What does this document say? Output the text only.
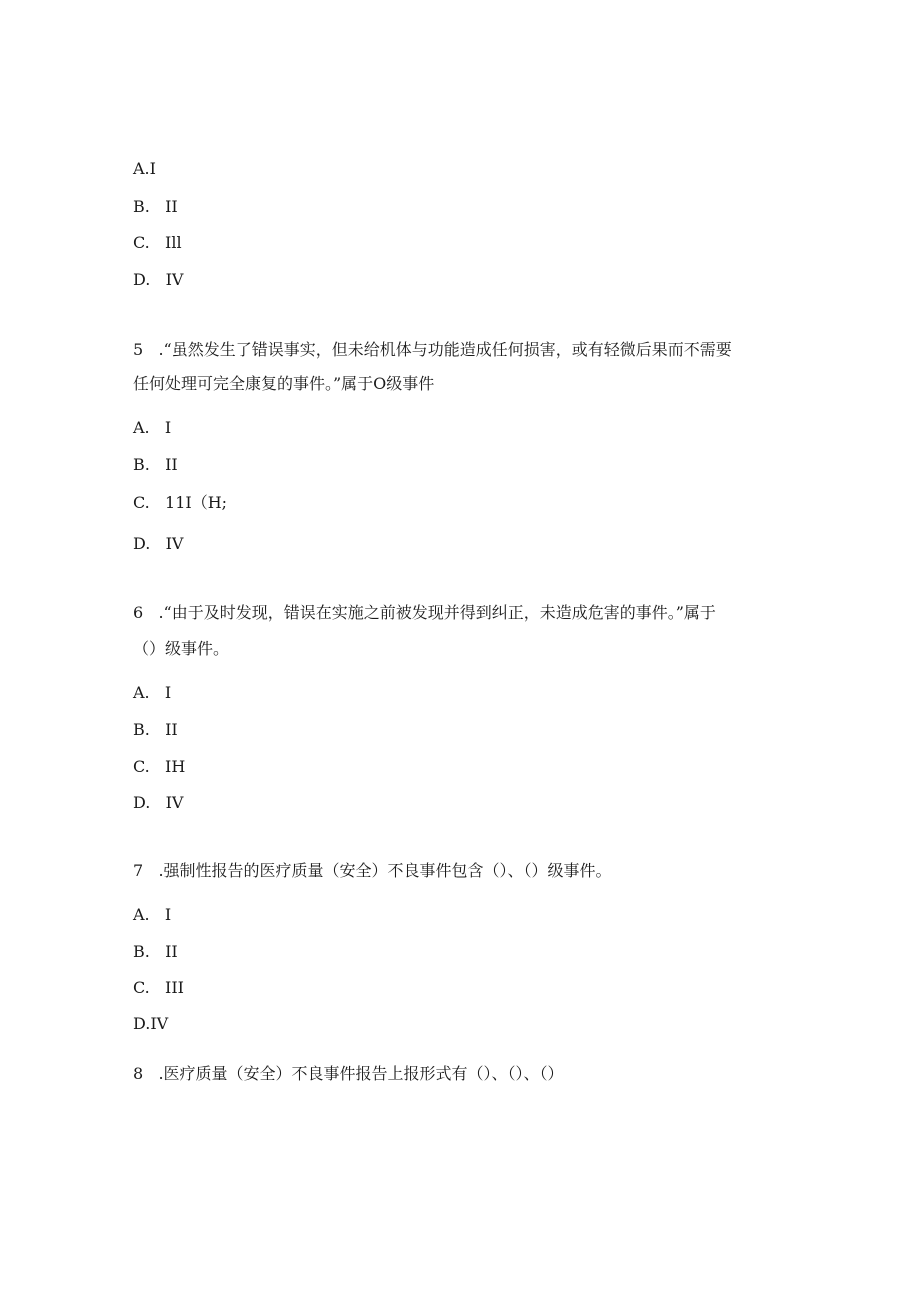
A.I
B.   II
C.   Ill
D.   IV
5   .“虽然发生了错误事实，但未给机体与功能造成任何损害，或有轻微后果而不需要
任何处理可完全康复的事件。”属于O级事件
A.   I
B.   II
C.   11I（H;
D.   IV
6   .“由于及时发现，错误在实施之前被发现并得到纠正，未造成危害的事件。”属于
（）级事件。
A.   I
B.   II
C.   IH
D.   IV
7   .强制性报告的医疗质量（安全）不良事件包含（）、（）级事件。
A.   I
B.   II
C.   III
D.IV
8   .医疗质量（安全）不良事件报告上报形式有（）、（）、（）
